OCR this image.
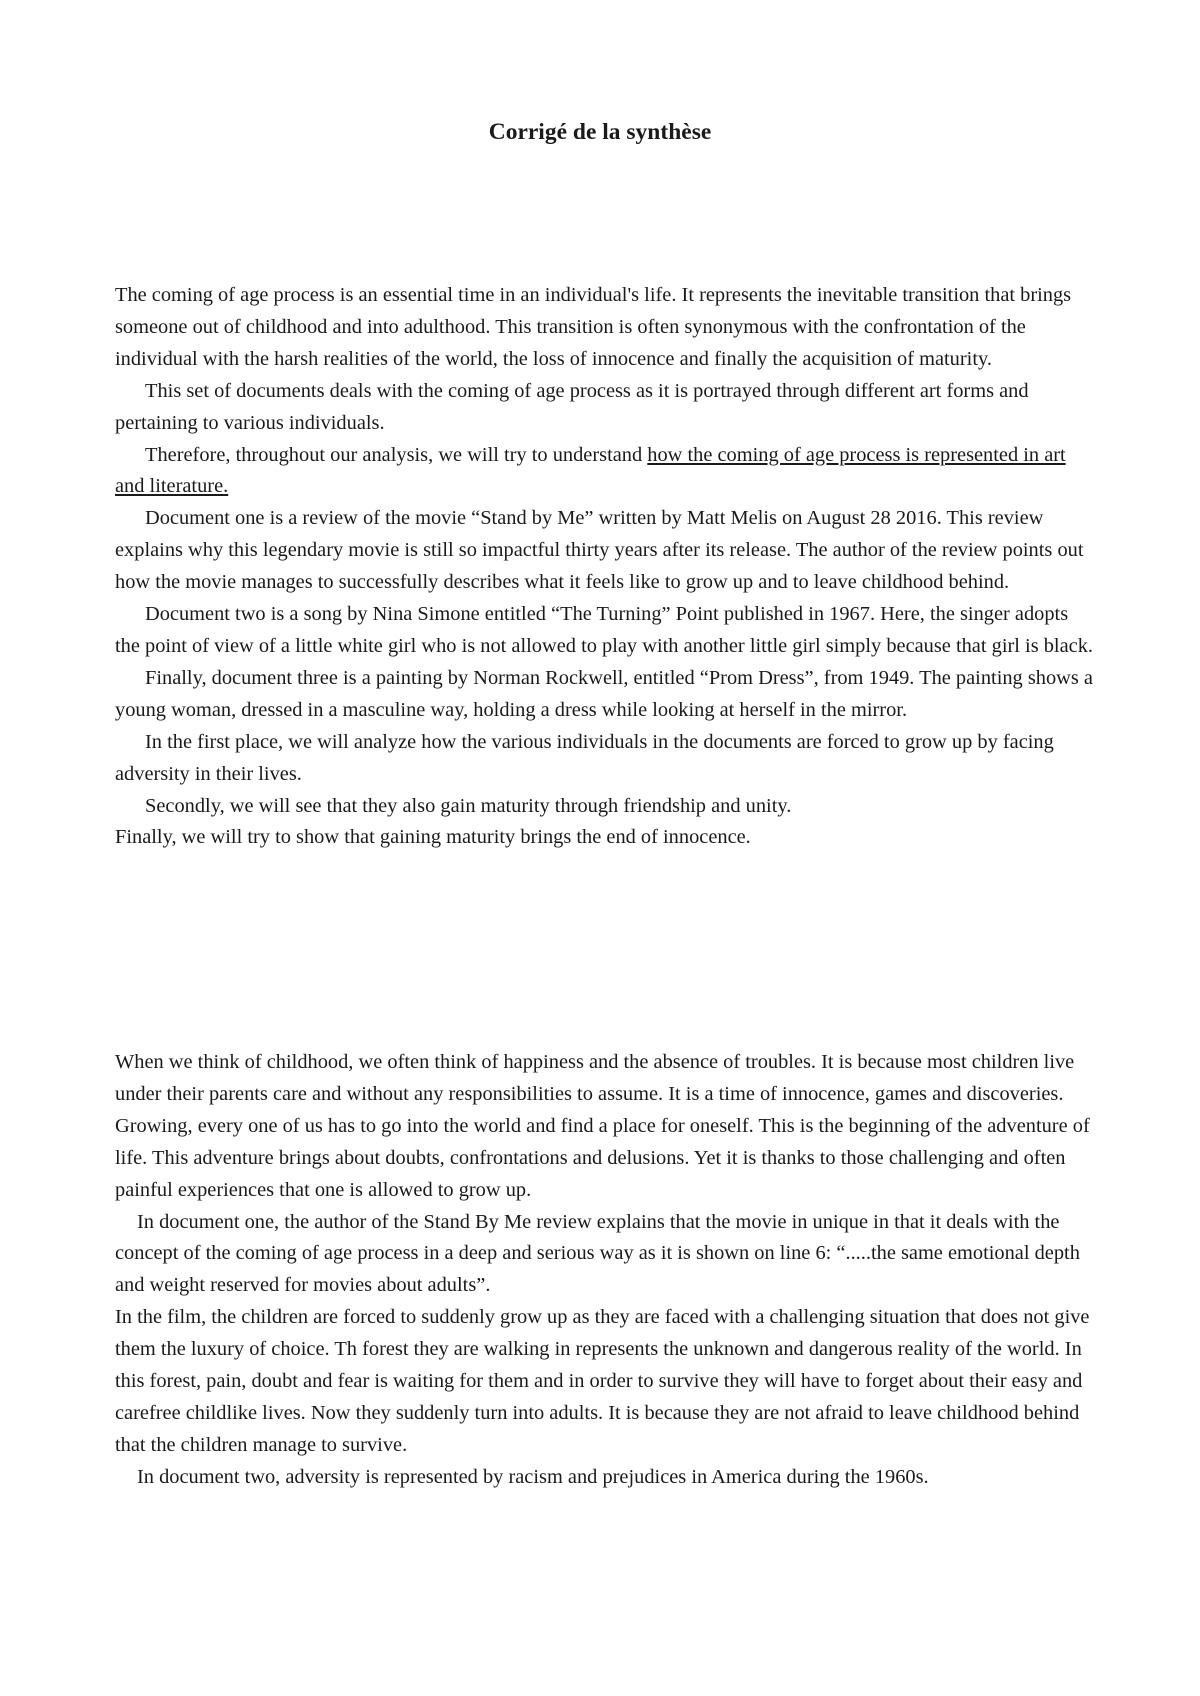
Corrigé de la synthèse

The coming of age process is an essential time in an individual's life. It represents the inevitable transition that brings someone out of childhood and into adulthood. This transition is often synonymous with the confrontation of the individual with the harsh realities of the world, the loss of innocence and finally the acquisition of maturity.

This set of documents deals with the coming of age process as it is portrayed through different art forms and pertaining to various individuals.

Therefore, throughout our analysis, we will try to understand how the coming of age process is represented in art and literature.

Document one is a review of the movie “Stand by Me” written by Matt Melis on August 28 2016. This review explains why this legendary movie is still so impactful thirty years after its release. The author of the review points out how the movie manages to successfully describes what it feels like to grow up and to leave childhood behind.

Document two is a song by Nina Simone entitled “The Turning” Point published in 1967. Here, the singer adopts the point of view of a little white girl who is not allowed to play with another little girl simply because that girl is black.

Finally, document three is a painting by Norman Rockwell, entitled “Prom Dress”, from 1949. The painting shows a young woman, dressed in a masculine way, holding a dress while looking at herself in the mirror.

In the first place, we will analyze how the various individuals in the documents are forced to grow up by facing adversity in their lives.

Secondly, we will see that they also gain maturity through friendship and unity.

Finally, we will try to show that gaining maturity brings the end of innocence.

When we think of childhood, we often think of happiness and the absence of troubles. It is because most children live under their parents care and without any responsibilities to assume. It is a time of innocence, games and discoveries. Growing, every one of us has to go into the world and find a place for oneself. This is the beginning of the adventure of life. This adventure brings about doubts, confrontations and delusions. Yet it is thanks to those challenging and often painful experiences that one is allowed to grow up.

In document one, the author of the Stand By Me review explains that the movie in unique in that it deals with the concept of the coming of age process in a deep and serious way as it is shown on line 6: “.....the same emotional depth and weight reserved for movies about adults”.

In the film, the children are forced to suddenly grow up as they are faced with a challenging situation that does not give them the luxury of choice. Th forest they are walking in represents the unknown and dangerous reality of the world. In this forest, pain, doubt and fear is waiting for them and in order to survive they will have to forget about their easy and carefree childlike lives. Now they suddenly turn into adults. It is because they are not afraid to leave childhood behind that the children manage to survive.

In document two, adversity is represented by racism and prejudices in America during the 1960s.
